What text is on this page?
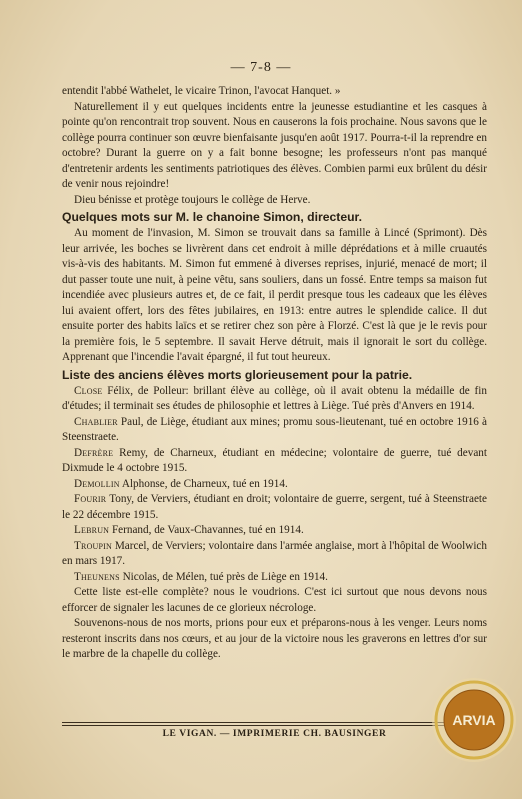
— 7-8 —

entendit l'abbé Wathelet, le vicaire Trinon, l'avocat Hanquet. »

Naturellement il y eut quelques incidents entre la jeunesse estudiantine et les casques à pointe qu'on rencontrait trop souvent. Nous en causerons la fois prochaine. Nous savons que le collège pourra continuer son œuvre bienfaisante jusqu'en août 1917. Pourra-t-il la reprendre en octobre? Durant la guerre on y a fait bonne besogne; les professeurs n'ont pas manqué d'entretenir ardents les sentiments patriotiques des élèves. Combien parmi eux brûlent du désir de venir nous rejoindre!

Dieu bénisse et protège toujours le collège de Herve.

Quelques mots sur M. le chanoine Simon, directeur.

Au moment de l'invasion, M. Simon se trouvait dans sa famille à Lincé (Sprimont). Dès leur arrivée, les boches se livrèrent dans cet endroit à mille déprédations et à mille cruautés vis-à-vis des habitants. M. Simon fut emmené à diverses reprises, injurié, menacé de mort; il dut passer toute une nuit, à peine vêtu, sans souliers, dans un fossé. Entre temps sa maison fut incendiée avec plusieurs autres et, de ce fait, il perdit presque tous les cadeaux que les élèves lui avaient offert, lors des fêtes jubilaires, en 1913: entre autres le splendide calice. Il dut ensuite porter des habits laïcs et se retirer chez son père à Florzé. C'est là que je le revis pour la première fois, le 5 septembre. Il savait Herve détruit, mais il ignorait le sort du collège. Apprenant que l'incendie l'avait épargné, il fut tout heureux.

Liste des anciens élèves morts glorieusement pour la patrie.

Close Félix, de Polleur: brillant élève au collège, où il avait obtenu la médaille de fin d'études; il terminait ses études de philosophie et lettres à Liège. Tué près d'Anvers en 1914.

Chablier Paul, de Liège, étudiant aux mines; promu sous-lieutenant, tué en octobre 1916 à Steenstraete.

Defrère Remy, de Charneux, étudiant en médecine; volontaire de guerre, tué devant Dixmude le 4 octobre 1915.

Demollin Alphonse, de Charneux, tué en 1914.

Fourir Tony, de Verviers, étudiant en droit; volontaire de guerre, sergent, tué à Steenstraete le 22 décembre 1915.

Lebrun Fernand, de Vaux-Chavannes, tué en 1914.

Troupin Marcel, de Verviers; volontaire dans l'armée anglaise, mort à l'hôpital de Woolwich en mars 1917.

Theunens Nicolas, de Mélen, tué près de Liège en 1914.

Cette liste est-elle complète? nous le voudrions. C'est ici surtout que nous devons nous efforcer de signaler les lacunes de ce glorieux nécrologe.

Souvenons-nous de nos morts, prions pour eux et préparons-nous à les venger. Leurs noms resteront inscrits dans nos cœurs, et au jour de la victoire nous les graverons en lettres d'or sur le marbre de la chapelle du collège.

LE VIGAN. — IMPRIMERIE CH. BAUSINGER
ARVIA
